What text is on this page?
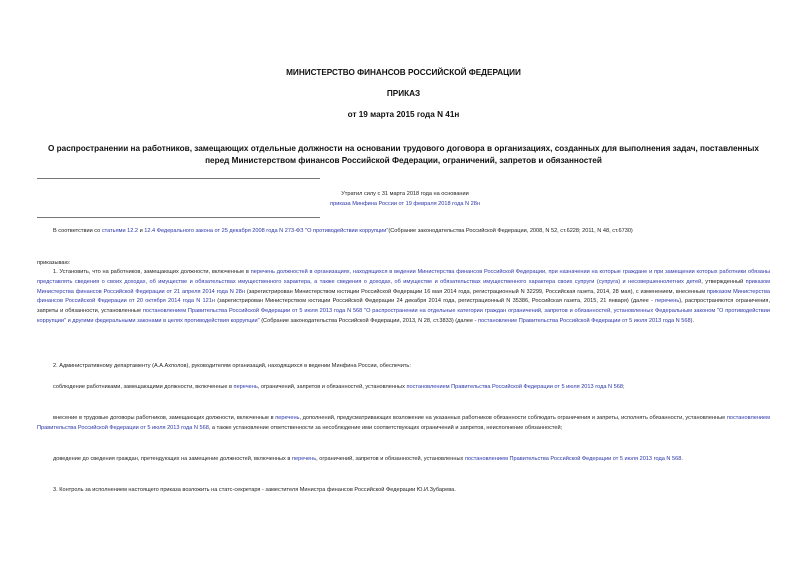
МИНИСТЕРСТВО ФИНАНСОВ РОССИЙСКОЙ ФЕДЕРАЦИИ
ПРИКАЗ
от 19 марта 2015 года N 41н
О распространении на работников, замещающих отдельные должности на основании трудового договора в организациях, созданных для выполнения задач, поставленных перед Министерством финансов Российской Федерации, ограничений, запретов и обязанностей
Утратил силу с 31 марта 2018 года на основании
приказа Минфина России от 19 февраля 2018 года N 28н
В соответствии со статьями 12.2 и 12.4 Федерального закона от 25 декабря 2008 года N 273-ФЗ "О противодействии коррупции"(Собрание законодательства Российской Федерации, 2008, N 52, ст.6228; 2011, N 48, ст.6730)
приказываю:
1. Установить, что на работников, замещающих должности, включенные в перечень должностей в организациях, находящихся в ведении Министерства финансов Российской Федерации, при назначении на которые граждане и при замещении которых работники обязаны представлять сведения о своих доходах, об имуществе и обязательствах имущественного характера, а также сведения о доходах, об имуществе и обязательствах имущественного характера своих супруги (супруга) и несовершеннолетних детей, утвержденный приказом Министерства финансов Российской Федерации от 21 апреля 2014 года N 28н (зарегистрирован Министерством юстиции Российской Федерации 16 мая 2014 года, регистрационный N 32299, Российская газета, 2014, 28 мая), с изменением, внесенным приказом Министерства финансов Российской Федерации от 20 октября 2014 года N 121н (зарегистрирован Министерством юстиции Российской Федерации 24 декабря 2014 года, регистрационный N 35386, Российская газета, 2015, 21 января) (далее - перечень), распространяются ограничения, запреты и обязанности, установленные постановлением Правительства Российской Федерации от 5 июля 2013 года N 568 "О распространении на отдельные категории граждан ограничений, запретов и обязанностей, установленных Федеральным законом "О противодействии коррупции" и другими федеральными законами в целях противодействия коррупции" (Собрание законодательства Российской Федерации, 2013, N 28, ст.3833) (далее - постановление Правительства Российской Федерации от 5 июля 2013 года N 568).
2. Административному департаменту (А.А.Ахполов), руководителям организаций, находящихся в ведении Минфина России, обеспечить:
соблюдение работниками, замещающими должности, включенные в перечень, ограничений, запретов и обязанностей, установленных постановлением Правительства Российской Федерации от 5 июля 2013 года N 568;
внесение в трудовые договоры работников, замещающих должности, включенные в перечень, дополнений, предусматривающих возложение на указанных работников обязанности соблюдать ограничения и запреты, исполнять обязанности, установленные постановлением Правительства Российской Федерации от 5 июля 2013 года N 568, а также установление ответственности за несоблюдение ими соответствующих ограничений и запретов, неисполнение обязанностей;
доведение до сведения граждан, претендующих на замещение должностей, включенных в перечень, ограничений, запретов и обязанностей, установленных постановлением Правительства Российской Федерации от 5 июля 2013 года N 568.
3. Контроль за исполнением настоящего приказа возложить на статс-секретаря - заместителя Министра финансов Российской Федерации Ю.И.Зубарева.
